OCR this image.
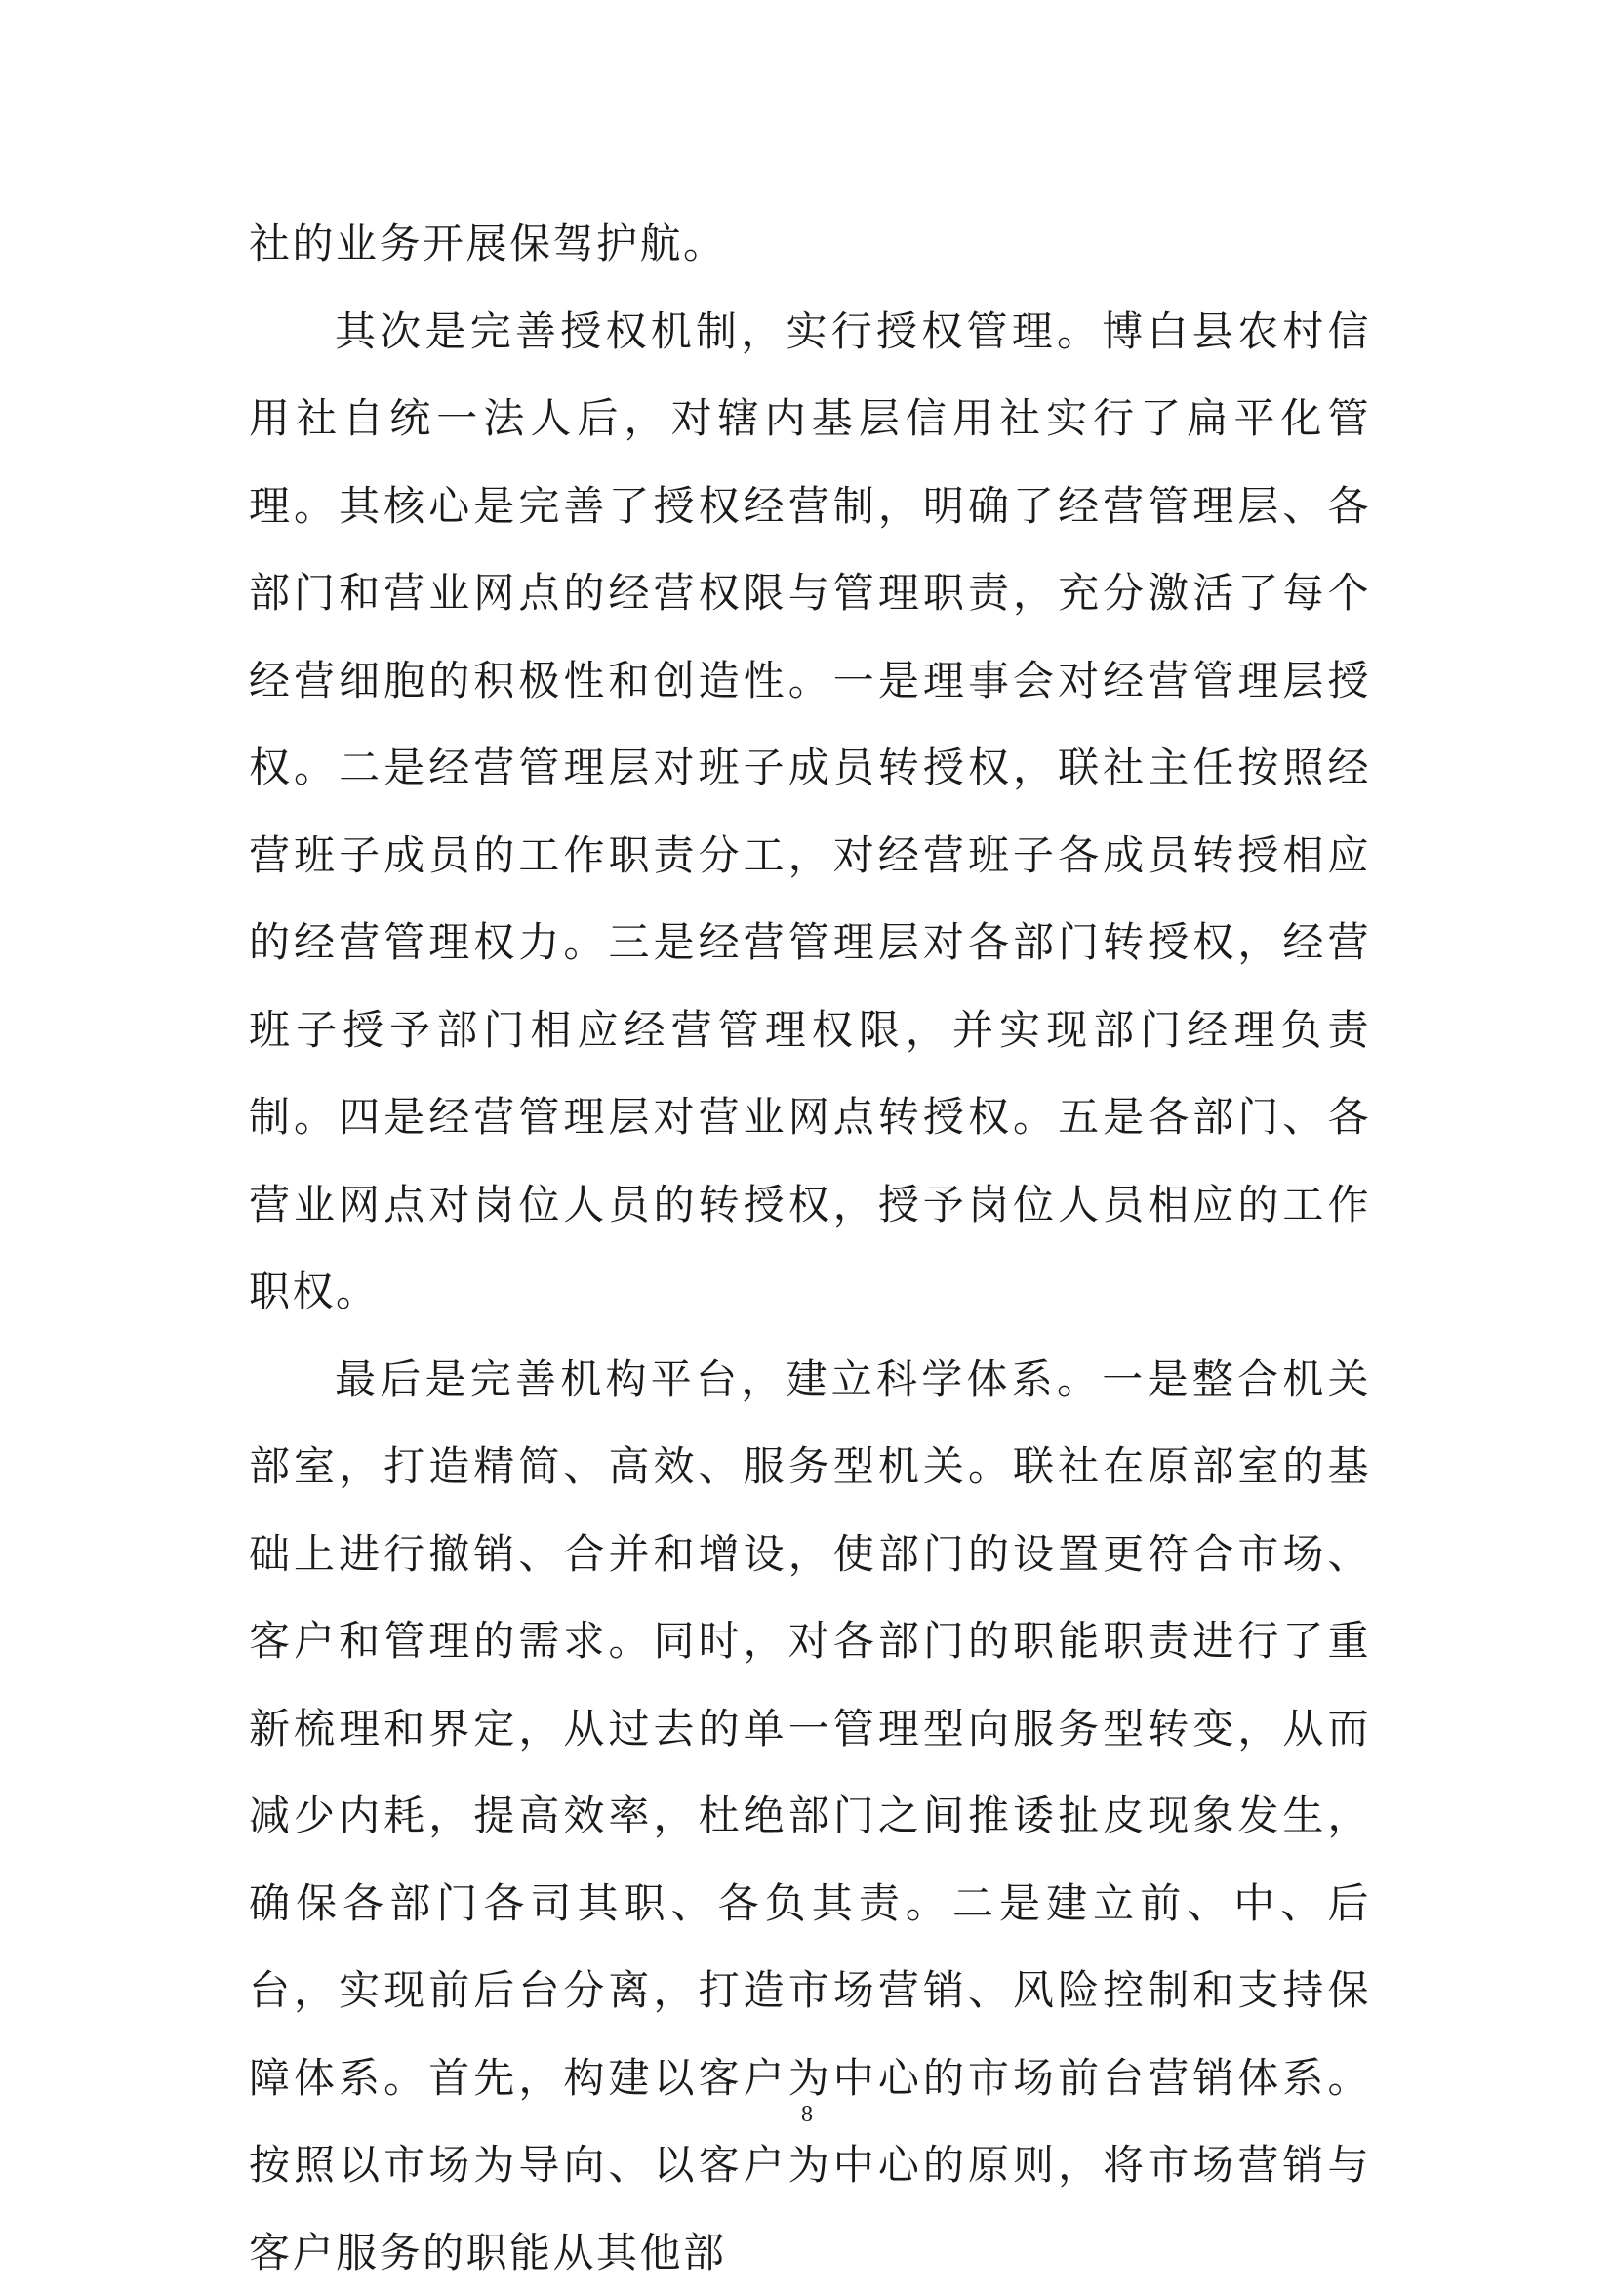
社的业务开展保驾护航。

其次是完善授权机制，实行授权管理。博白县农村信用社自统一法人后，对辖内基层信用社实行了扁平化管理。其核心是完善了授权经营制，明确了经营管理层、各部门和营业网点的经营权限与管理职责，充分激活了每个经营细胞的积极性和创造性。一是理事会对经营管理层授权。二是经营管理层对班子成员转授权，联社主任按照经营班子成员的工作职责分工，对经营班子各成员转授相应的经营管理权力。三是经营管理层对各部门转授权，经营班子授予部门相应经营管理权限，并实现部门经理负责制。四是经营管理层对营业网点转授权。五是各部门、各营业网点对岗位人员的转授权，授予岗位人员相应的工作职权。

最后是完善机构平台，建立科学体系。一是整合机关部室，打造精简、高效、服务型机关。联社在原部室的基础上进行撤销、合并和增设，使部门的设置更符合市场、客户和管理的需求。同时，对各部门的职能职责进行了重新梳理和界定，从过去的单一管理型向服务型转变，从而减少内耗，提高效率，杜绝部门之间推诿扯皮现象发生，确保各部门各司其职、各负其责。二是建立前、中、后台，实现前后台分离，打造市场营销、风险控制和支持保障体系。首先，构建以客户为中心的市场前台营销体系。按照以市场为导向、以客户为中心的原则，将市场营销与客户服务的职能从其他部

8
